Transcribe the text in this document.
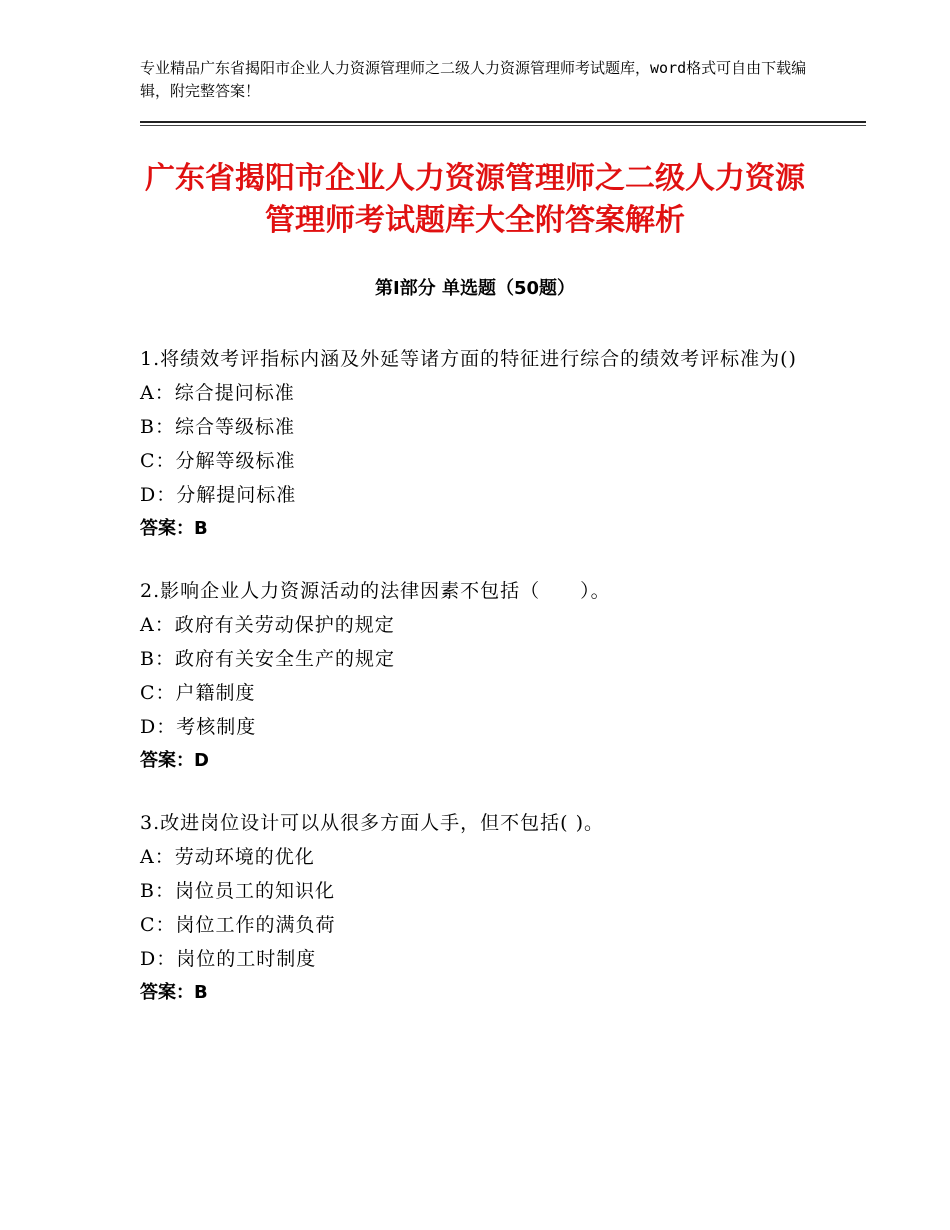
专业精品广东省揭阳市企业人力资源管理师之二级人力资源管理师考试题库，word格式可自由下载编辑，附完整答案！
广东省揭阳市企业人力资源管理师之二级人力资源管理师考试题库大全附答案解析
第Ⅰ部分 单选题（50题）
1.将绩效考评指标内涵及外延等诸方面的特征进行综合的绩效考评标准为()
A：综合提问标准
B：综合等级标准
C：分解等级标准
D：分解提问标准
答案：B
2.影响企业人力资源活动的法律因素不包括（　　）。
A：政府有关劳动保护的规定
B：政府有关安全生产的规定
C：户籍制度
D：考核制度
答案：D
3.改进岗位设计可以从很多方面人手，但不包括( )。
A：劳动环境的优化
B：岗位员工的知识化
C：岗位工作的满负荷
D：岗位的工时制度
答案：B
